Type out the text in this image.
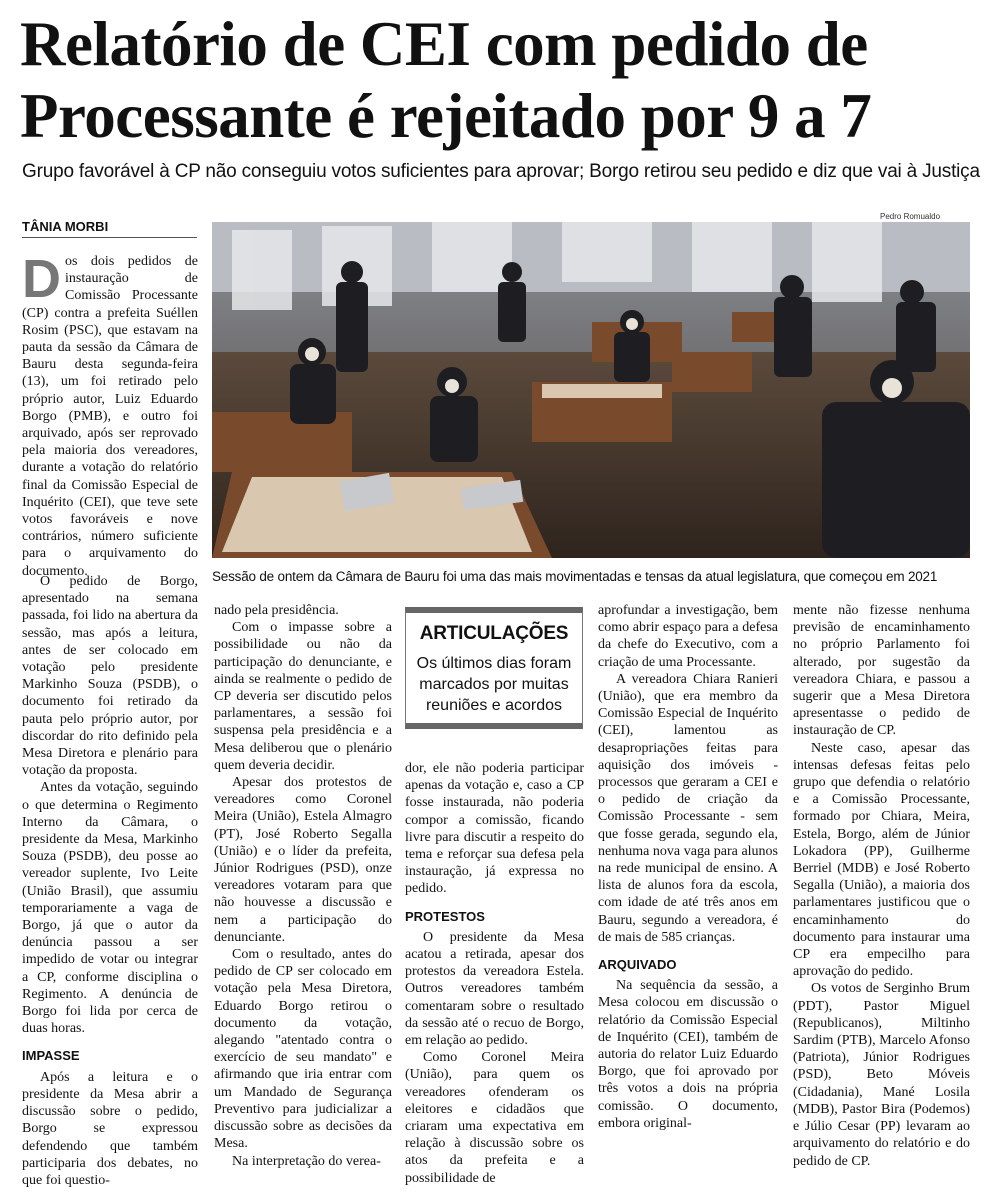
Relatório de CEI com pedido de
Processante é rejeitado por 9 a 7
Grupo favorável à CP não conseguiu votos suficientes para aprovar; Borgo retirou seu pedido e diz que vai à Justiça
TÂNIA MORBI
Pedro Romualdo
Sessão de ontem da Câmara de Bauru foi uma das mais movimentadas e tensas da atual legislatura, que começou em 2021
D os dois pedidos de instauração de Comissão Processante (CP) contra a prefeita Suéllen Rosim (PSC), que estavam na pauta da sessão da Câmara de Bauru desta segunda-feira (13), um foi retirado pelo próprio autor, Luiz Eduardo Borgo (PMB), e outro foi arquivado, após ser reprovado pela maioria dos vereadores, durante a votação do relatório final da Comissão Especial de Inquérito (CEI), que teve sete votos favoráveis e nove contrários, número suficiente para o arquivamento do documento.

O pedido de Borgo, apresentado na semana passada, foi lido na abertura da sessão, mas após a leitura, antes de ser colocado em votação pelo presidente Markinho Souza (PSDB), o documento foi retirado da pauta pelo próprio autor, por discordar do rito definido pela Mesa Diretora e plenário para votação da proposta.

Antes da votação, seguindo o que determina o Regimento Interno da Câmara, o presidente da Mesa, Markinho Souza (PSDB), deu posse ao vereador suplente, Ivo Leite (União Brasil), que assumiu temporariamente a vaga de Borgo, já que o autor da denúncia passou a ser impedido de votar ou integrar a CP, conforme disciplina o Regimento. A denúncia de Borgo foi lida por cerca de duas horas.

IMPASSE

Após a leitura e o presidente da Mesa abrir a discussão sobre o pedido, Borgo se expressou defendendo que também participaria dos debates, no que foi questio-

nado pela presidência.

Com o impasse sobre a possibilidade ou não da participação do denunciante, e ainda se realmente o pedido de CP deveria ser discutido pelos parlamentares, a sessão foi suspensa pela presidência e a Mesa deliberou que o plenário quem deveria decidir.

Apesar dos protestos de vereadores como Coronel Meira (União), Estela Almagro (PT), José Roberto Segalla (União) e o líder da prefeita, Júnior Rodrigues (PSD), onze vereadores votaram para que não houvesse a discussão e nem a participação do denunciante.

Com o resultado, antes do pedido de CP ser colocado em votação pela Mesa Diretora, Eduardo Borgo retirou o documento da votação, alegando "atentado contra o exercício de seu mandato" e afirmando que iria entrar com um Mandado de Segurança Preventivo para judicializar a discussão sobre as decisões da Mesa.

Na interpretação do verea-

ARTICULAÇÕES
Os últimos dias foram marcados por muitas reuniões e acordos

dor, ele não poderia participar apenas da votação e, caso a CP fosse instaurada, não poderia compor a comissão, ficando livre para discutir a respeito do tema e reforçar sua defesa pela instauração, já expressa no pedido.

PROTESTOS

O presidente da Mesa acatou a retirada, apesar dos protestos da vereadora Estela. Outros vereadores também comentaram sobre o resultado da sessão até o recuo de Borgo, em relação ao pedido.

Como Coronel Meira (União), para quem os vereadores ofenderam os eleitores e cidadãos que criaram uma expectativa em relação à discussão sobre os atos da prefeita e a possibilidade de

aprofundar a investigação, bem como abrir espaço para a defesa da chefe do Executivo, com a criação de uma Processante.

A vereadora Chiara Ranieri (União), que era membro da Comissão Especial de Inquérito (CEI), lamentou as desapropriações feitas para aquisição dos imóveis - processos que geraram a CEI e o pedido de criação da Comissão Processante - sem que fosse gerada, segundo ela, nenhuma nova vaga para alunos na rede municipal de ensino. A lista de alunos fora da escola, com idade de até três anos em Bauru, segundo a vereadora, é de mais de 585 crianças.

ARQUIVADO

Na sequência da sessão, a Mesa colocou em discussão o relatório da Comissão Especial de Inquérito (CEI), também de autoria do relator Luiz Eduardo Borgo, que foi aprovado por três votos a dois na própria comissão. O documento, embora original-

mente não fizesse nenhuma previsão de encaminhamento no próprio Parlamento foi alterado, por sugestão da vereadora Chiara, e passou a sugerir que a Mesa Diretora apresentasse o pedido de instauração de CP.

Neste caso, apesar das intensas defesas feitas pelo grupo que defendia o relatório e a Comissão Processante, formado por Chiara, Meira, Estela, Borgo, além de Júnior Lokadora (PP), Guilherme Berriel (MDB) e José Roberto Segalla (União), a maioria dos parlamentares justificou que o encaminhamento do documento para instaurar uma CP era empecilho para aprovação do pedido.

Os votos de Serginho Brum (PDT), Pastor Miguel (Republicanos), Miltinho Sardim (PTB), Marcelo Afonso (Patriota), Júnior Rodrigues (PSD), Beto Móveis (Cidadania), Mané Losila (MDB), Pastor Bira (Podemos) e Júlio Cesar (PP) levaram ao arquivamento do relatório e do pedido de CP.
